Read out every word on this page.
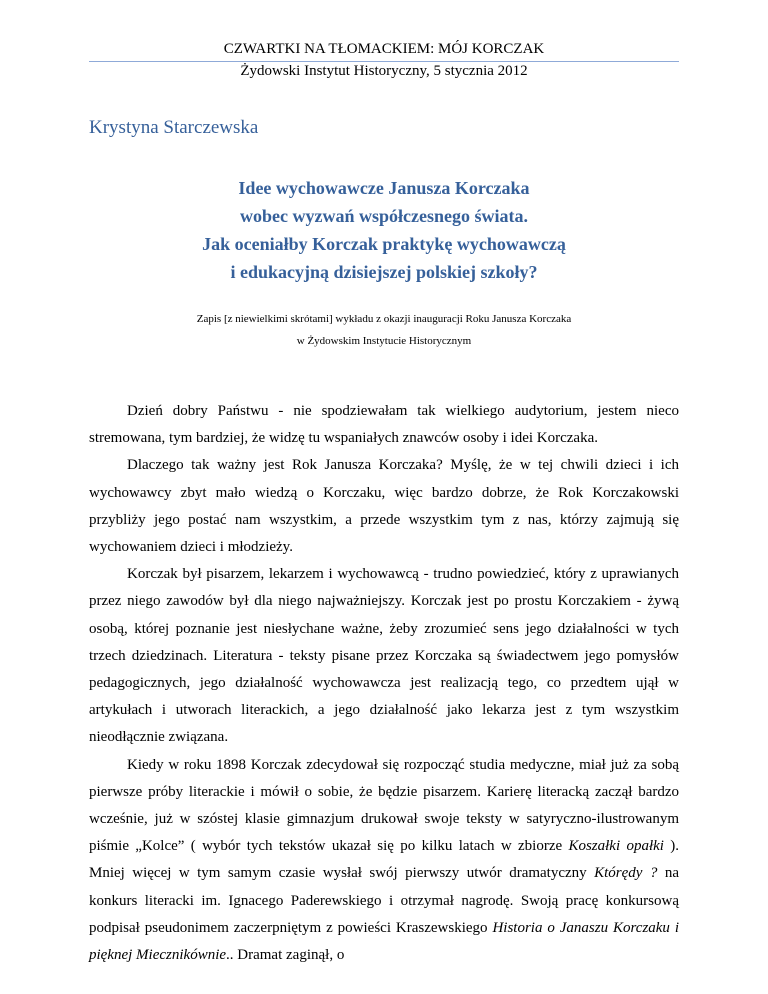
CZWARTKI NA TŁOMACKIEM: MÓJ KORCZAK
Żydowski Instytut Historyczny, 5 stycznia 2012
Krystyna Starczewska
Idee wychowawcze Janusza Korczaka
wobec wyzwań współczesnego świata.
Jak oceniałby Korczak praktykę wychowawczą
i edukacyjną dzisiejszej polskiej szkoły?
Zapis [z niewielkimi skrótami] wykładu z okazji inauguracji Roku Janusza Korczaka
w Żydowskim Instytucie Historycznym

Dzień dobry Państwu - nie spodziewałam tak wielkiego audytorium, jestem nieco stremowana, tym bardziej, że widzę tu wspaniałych znawców osoby i idei Korczaka.

Dlaczego tak ważny jest Rok Janusza Korczaka? Myślę, że w tej chwili dzieci i ich wychowawcy zbyt mało wiedzą o Korczaku, więc bardzo dobrze, że Rok Korczakowski przybliży jego postać nam wszystkim, a przede wszystkim tym z nas, którzy zajmują się wychowaniem dzieci i młodzieży.

Korczak był pisarzem, lekarzem i wychowawcą - trudno powiedzieć, który z uprawianych przez niego zawodów był dla niego najważniejszy. Korczak jest po prostu Korczakiem - żywą osobą, której poznanie jest niesłychane ważne, żeby zrozumieć sens jego działalności w tych trzech dziedzinach. Literatura - teksty pisane przez Korczaka są świadectwem jego pomysłów pedagogicznych, jego działalność wychowawcza jest realizacją tego, co przedtem ujął w artykułach i utworach literackich, a jego działalność jako lekarza jest z tym wszystkim nieodłącznie związana.

Kiedy w roku 1898 Korczak zdecydował się rozpocząć studia medyczne, miał już za sobą pierwsze próby literackie i mówił o sobie, że będzie pisarzem. Karierę literacką zaczął bardzo wcześnie, już w szóstej klasie gimnazjum drukował swoje teksty w satyryczno-ilustrowanym piśmie „Kolce” ( wybór tych tekstów ukazał się po kilku latach w zbiorze Koszałki opałki ). Mniej więcej w tym samym czasie wysłał swój pierwszy utwór dramatyczny Którędy ? na konkurs literacki im. Ignacego Paderewskiego i otrzymał nagrodę. Swoją pracę konkursową podpisał pseudonimem zaczerpniętym z powieści Kraszewskiego Historia o Janaszu Korczaku i pięknej Miecznikównie.. Dramat zaginął, o
